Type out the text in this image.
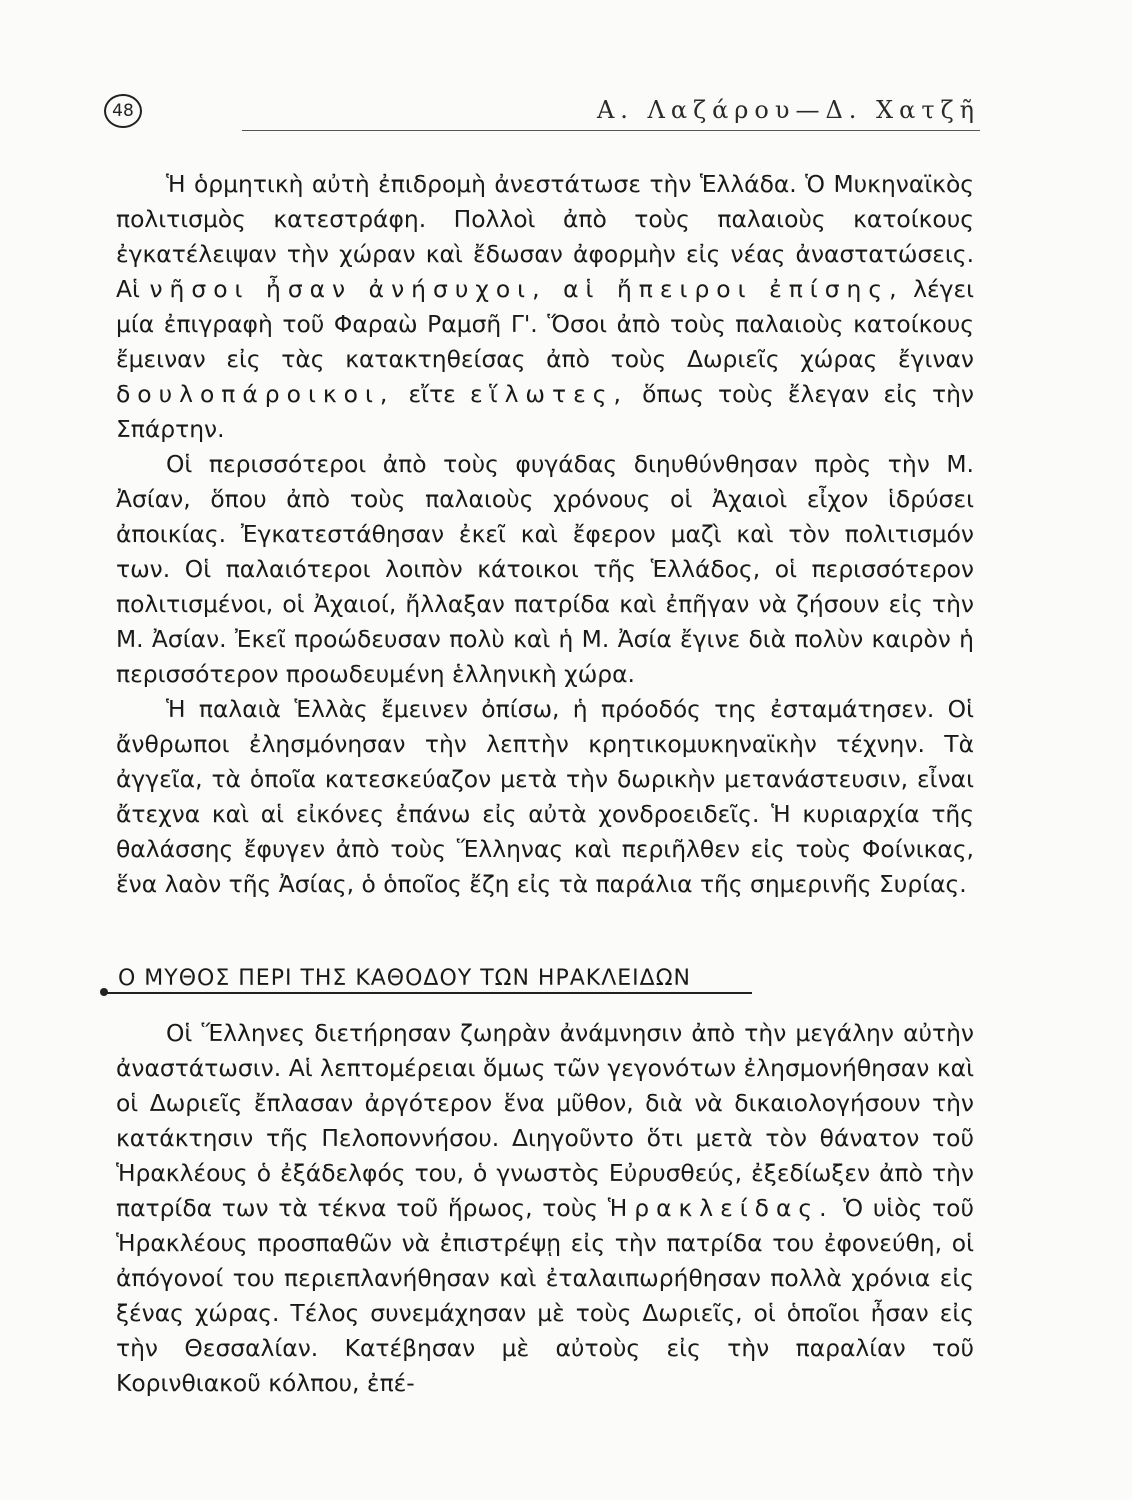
48	Α. Λαζάρου—Δ. Χατζῆ

Ἡ ὁρμητικὴ αὐτὴ ἐπιδρομὴ ἀνεστάτωσε τὴν Ἑλλάδα. Ὁ Μυκηναϊκὸς πολιτισμὸς κατεστράφη. Πολλοὶ ἀπὸ τοὺς παλαιοὺς κατοίκους ἐγκατέλειψαν τὴν χώραν καὶ ἔδωσαν ἀφορμὴν εἰς νέας ἀναστατώσεις. Αἱ νῆσοι ἦσαν ἀνήσυχοι, αἱ ἤπειροι ἐπίσης, λέγει μία ἐπιγραφὴ τοῦ Φαραὼ Ραμσῆ Γ'. Ὅσοι ἀπὸ τοὺς παλαιοὺς κατοίκους ἔμειναν εἰς τὰς κατακτηθείσας ἀπὸ τοὺς Δωριεῖς χώρας ἔγιναν δουλοπάροικοι, εἴτε εἵλωτες, ὅπως τοὺς ἔλεγαν εἰς τὴν Σπάρτην.

Οἱ περισσότεροι ἀπὸ τοὺς φυγάδας διηυθύνθησαν πρὸς τὴν Μ. Ἀσίαν, ὅπου ἀπὸ τοὺς παλαιοὺς χρόνους οἱ Ἀχαιοὶ εἶχον ἱδρύσει ἀποικίας. Ἐγκατεστάθησαν ἐκεῖ καὶ ἔφερον μαζὶ καὶ τὸν πολιτισμόν των. Οἱ παλαιότεροι λοιπὸν κάτοικοι τῆς Ἑλλάδος, οἱ περισσότερον πολιτισμένοι, οἱ Ἀχαιοί, ἤλλαξαν πατρίδα καὶ ἐπῆγαν νὰ ζήσουν εἰς τὴν Μ. Ἀσίαν. Ἐκεῖ προώδευσαν πολὺ καὶ ἡ Μ. Ἀσία ἔγινε διὰ πολὺν καιρὸν ἡ περισσότερον προωδευμένη ἑλληνικὴ χώρα.

Ἡ παλαιὰ Ἑλλὰς ἔμεινεν ὀπίσω, ἡ πρόοδός της ἐσταμάτησεν. Οἱ ἄνθρωποι ἐλησμόνησαν τὴν λεπτὴν κρητικομυκηναϊκὴν τέχνην. Τὰ ἀγγεῖα, τὰ ὁποῖα κατεσκεύαζον μετὰ τὴν δωρικὴν μετανάστευσιν, εἶναι ἄτεχνα καὶ αἱ εἰκόνες ἐπάνω εἰς αὐτὰ χονδροειδεῖς. Ἡ κυριαρχία τῆς θαλάσσης ἔφυγεν ἀπὸ τοὺς Ἕλληνας καὶ περιῆλθεν εἰς τοὺς Φοίνικας, ἕνα λαὸν τῆς Ἀσίας, ὁ ὁποῖος ἔζη εἰς τὰ παράλια τῆς σημερινῆς Συρίας.

Ο ΜΥΘΟΣ ΠΕΡΙ ΤΗΣ ΚΑΘΟΔΟΥ ΤΩΝ ΗΡΑΚΛΕΙΔΩΝ

Οἱ Ἕλληνες διετήρησαν ζωηρὰν ἀνάμνησιν ἀπὸ τὴν μεγάλην αὐτὴν ἀναστάτωσιν. Αἱ λεπτομέρειαι ὅμως τῶν γεγονότων ἐλησμονήθησαν καὶ οἱ Δωριεῖς ἔπλασαν ἀργότερον ἕνα μῦθον, διὰ νὰ δικαιολογήσουν τὴν κατάκτησιν τῆς Πελοποννήσου. Διηγοῦντο ὅτι μετὰ τὸν θάνατον τοῦ Ἡρακλέους ὁ ἐξάδελφός του, ὁ γνωστὸς Εὐρυσθεύς, ἐξεδίωξεν ἀπὸ τὴν πατρίδα των τὰ τέκνα τοῦ ἥρωος, τοὺς Ἡρακλείδας. Ὁ υἱὸς τοῦ Ἡρακλέους προσπαθῶν νὰ ἐπιστρέψῃ εἰς τὴν πατρίδα του ἐφονεύθη, οἱ ἀπόγονοί του περιεπλανήθησαν καὶ ἐταλαιπωρήθησαν πολλὰ χρόνια εἰς ξένας χώρας. Τέλος συνεμάχησαν μὲ τοὺς Δωριεῖς, οἱ ὁποῖοι ἦσαν εἰς τὴν Θεσσαλίαν. Κατέβησαν μὲ αὐτοὺς εἰς τὴν παραλίαν τοῦ Κορινθιακοῦ κόλπου, ἐπέ-
